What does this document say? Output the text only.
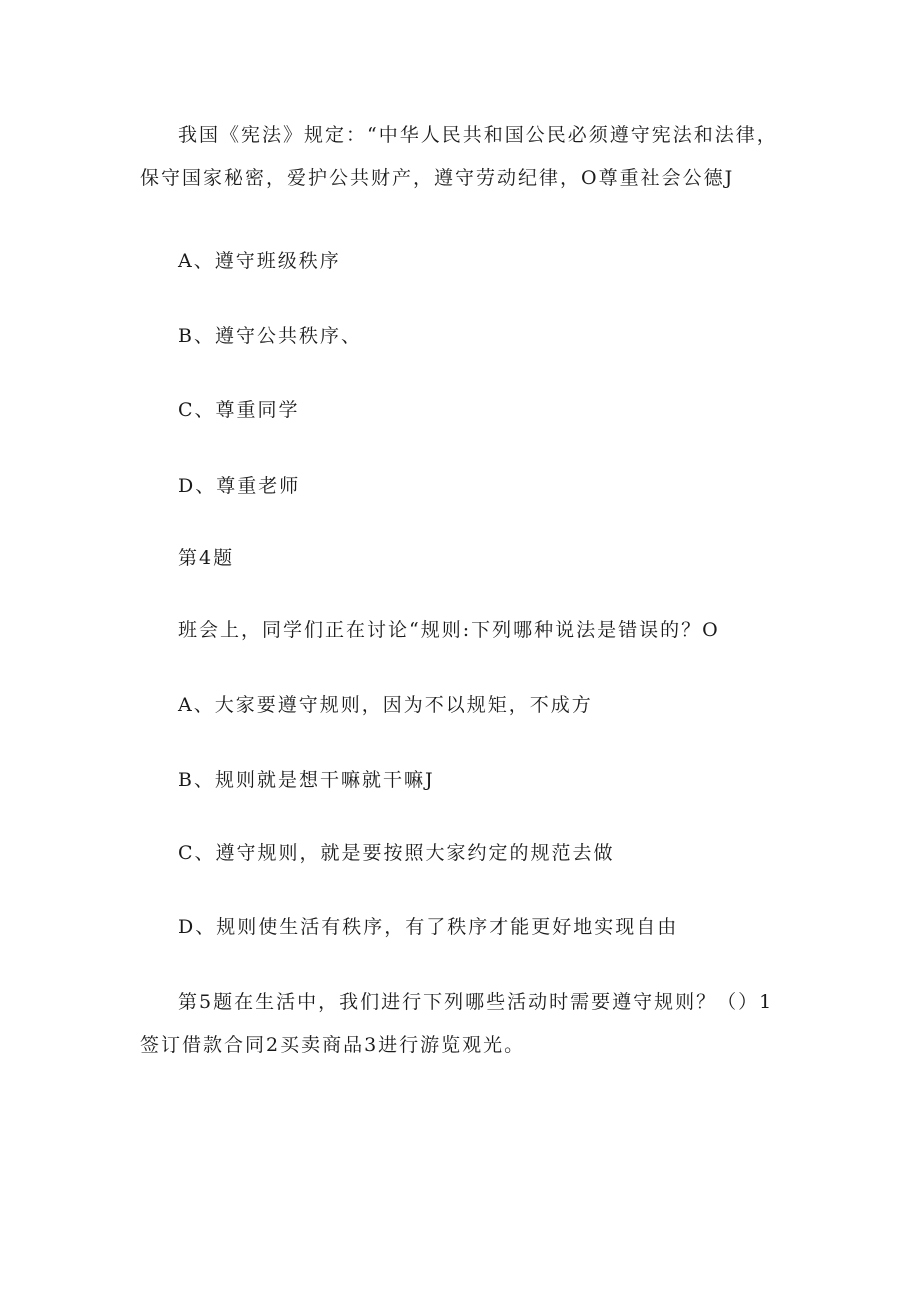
我国《宪法》规定：“中华人民共和国公民必须遵守宪法和法律，保守国家秘密，爱护公共财产，遵守劳动纪律，O尊重社会公德J

A、遵守班级秩序

B、遵守公共秩序、

C、尊重同学

D、尊重老师

第4题

班会上，同学们正在讨论“规则:下列哪种说法是错误的？O

A、大家要遵守规则，因为不以规矩，不成方

B、规则就是想干嘛就干嘛J

C、遵守规则，就是要按照大家约定的规范去做

D、规则使生活有秩序，有了秩序才能更好地实现自由

第5题在生活中，我们进行下列哪些活动时需要遵守规则？（）1签订借款合同2买卖商品3进行游览观光。
